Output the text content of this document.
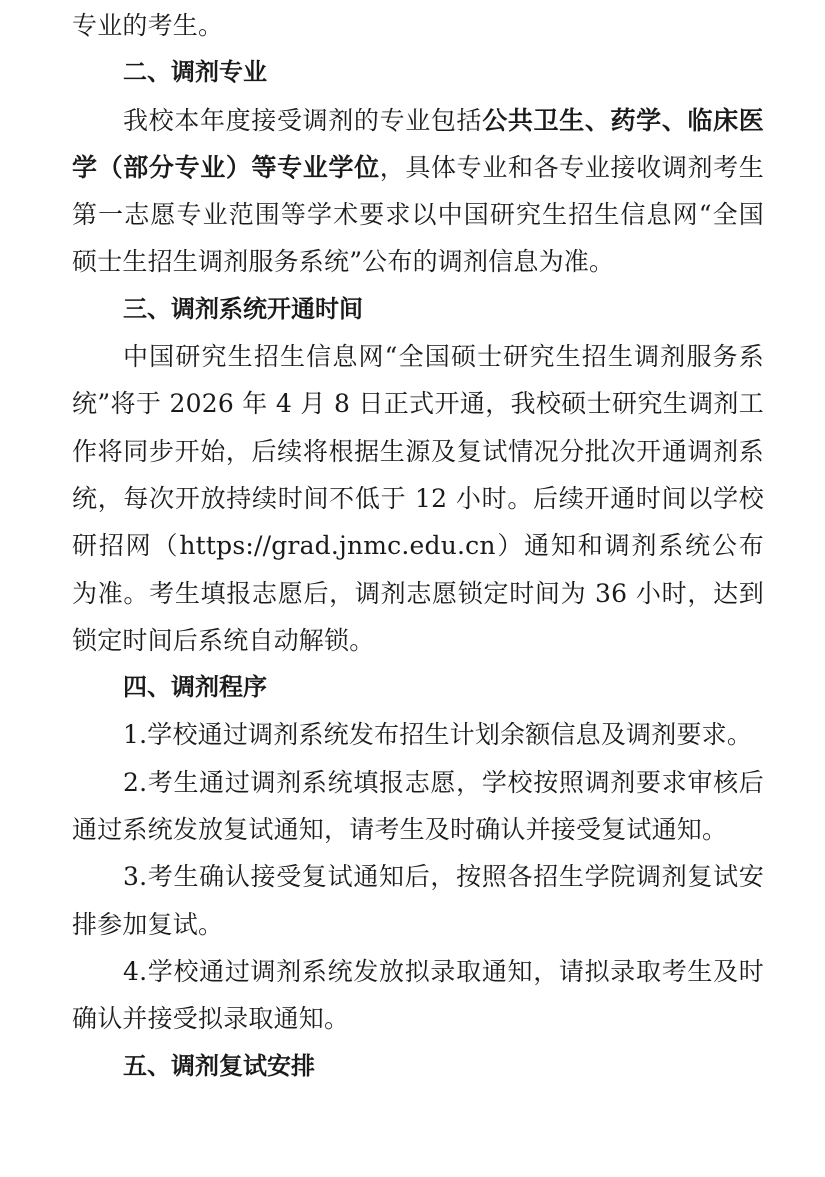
专业的考生。

二、调剂专业

我校本年度接受调剂的专业包括公共卫生、药学、临床医学（部分专业）等专业学位，具体专业和各专业接收调剂考生第一志愿专业范围等学术要求以中国研究生招生信息网“全国硕士生招生调剂服务系统”公布的调剂信息为准。

三、调剂系统开通时间

中国研究生招生信息网“全国硕士研究生招生调剂服务系统”将于 2026 年 4 月 8 日正式开通，我校硕士研究生调剂工作将同步开始，后续将根据生源及复试情况分批次开通调剂系统，每次开放持续时间不低于 12 小时。后续开通时间以学校研招网（https://grad.jnmc.edu.cn）通知和调剂系统公布为准。考生填报志愿后，调剂志愿锁定时间为 36 小时，达到锁定时间后系统自动解锁。

四、调剂程序

1.学校通过调剂系统发布招生计划余额信息及调剂要求。

2.考生通过调剂系统填报志愿，学校按照调剂要求审核后通过系统发放复试通知，请考生及时确认并接受复试通知。

3.考生确认接受复试通知后，按照各招生学院调剂复试安排参加复试。

4.学校通过调剂系统发放拟录取通知，请拟录取考生及时确认并接受拟录取通知。

五、调剂复试安排
